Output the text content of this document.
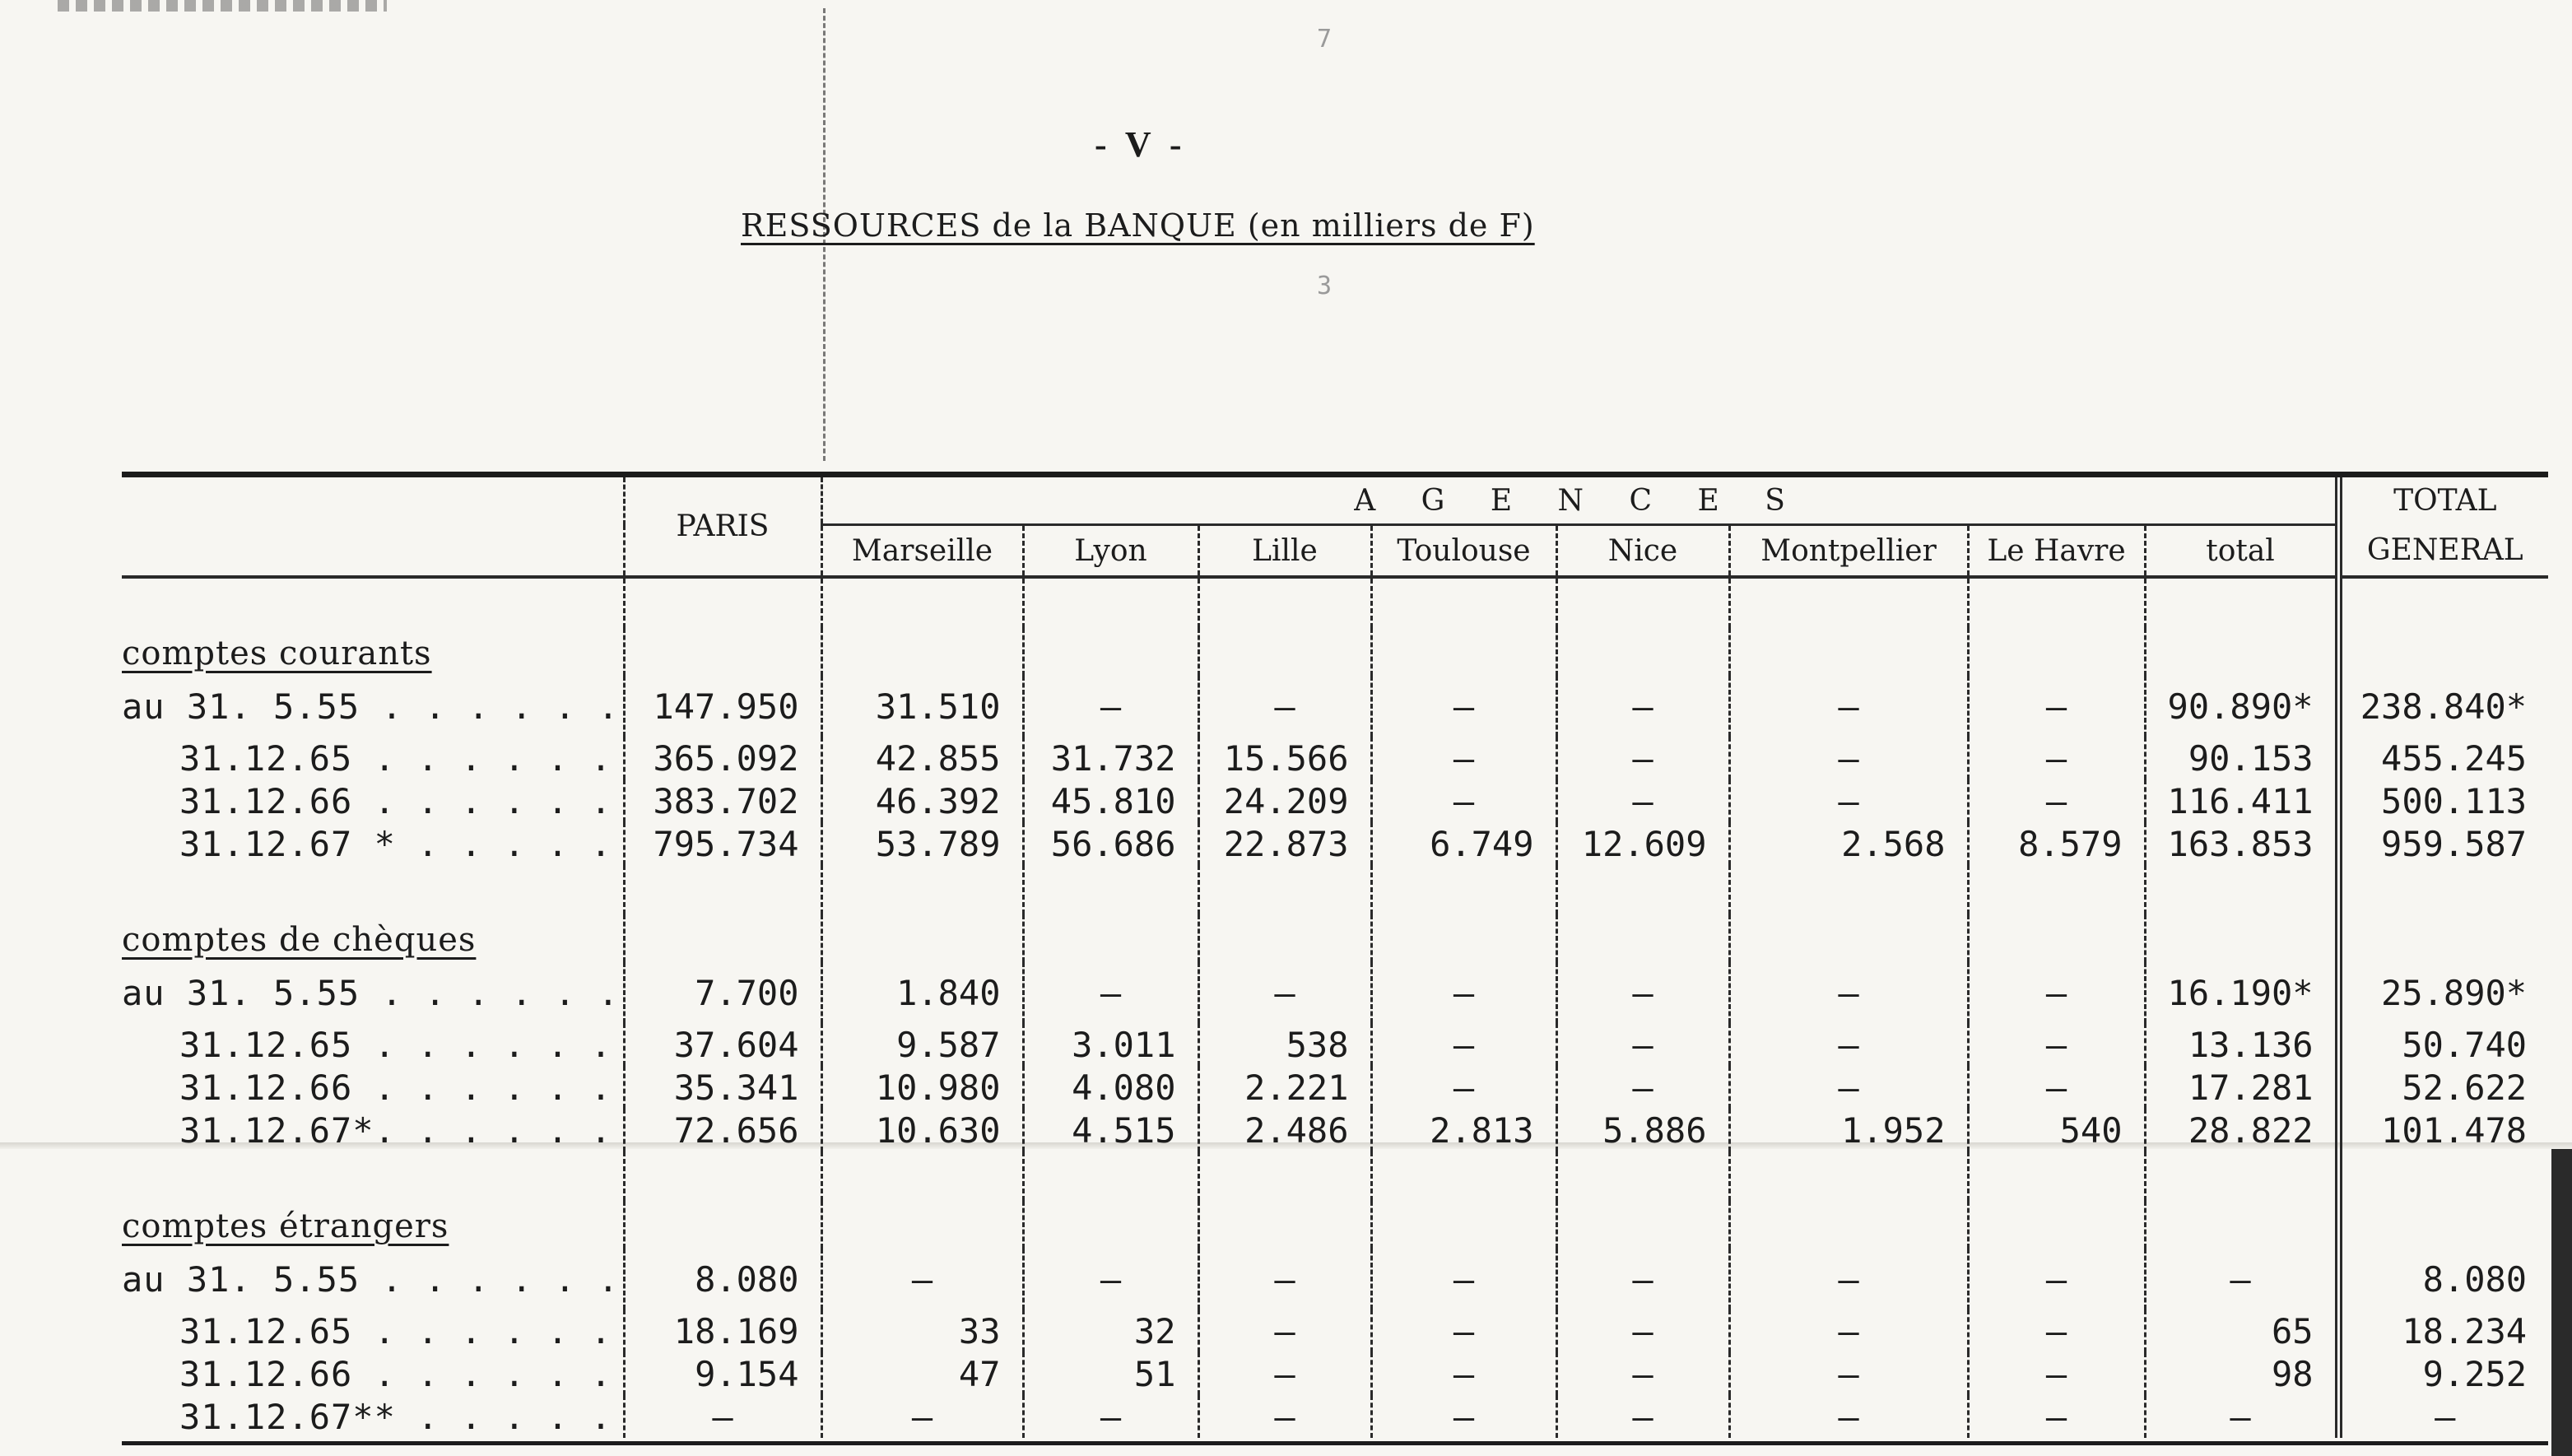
7
3
- V -
RESSOURCES de la BANQUE (en milliers de F)
	PARIS	A G E N C E S								TOTAL
		Marseille	Lyon	Lille	Toulouse	Nice	Montpellier	Le Havre	total	GENERAL

comptes courants										
au 31. 5.55 . . . . . .	147.950	31.510	–	–	–	–	–	–	90.890*	238.840*
31.12.65 . . . . . .	365.092	42.855	31.732	15.566	–	–	–	–	90.153	455.245
31.12.66 . . . . . .	383.702	46.392	45.810	24.209	–	–	–	–	116.411	500.113
31.12.67 * . . . . .	795.734	53.789	56.686	22.873	6.749	12.609	2.568	8.579	163.853	959.587

comptes de chèques										
au 31. 5.55 . . . . . .	7.700	1.840	–	–	–	–	–	–	16.190*	25.890*
31.12.65 . . . . . .	37.604	9.587	3.011	538	–	–	–	–	13.136	50.740
31.12.66 . . . . . .	35.341	10.980	4.080	2.221	–	–	–	–	17.281	52.622
31.12.67*. . . . . .	72.656	10.630	4.515	2.486	2.813	5.886	1.952	540	28.822	101.478

comptes étrangers										
au 31. 5.55 . . . . . .	8.080	–	–	–	–	–	–	–	–	8.080
31.12.65 . . . . . .	18.169	33	32	–	–	–	–	–	65	18.234
31.12.66 . . . . . .	9.154	47	51	–	–	–	–	–	98	9.252
31.12.67** . . . . .	–	–	–	–	–	–	–	–	–	–
